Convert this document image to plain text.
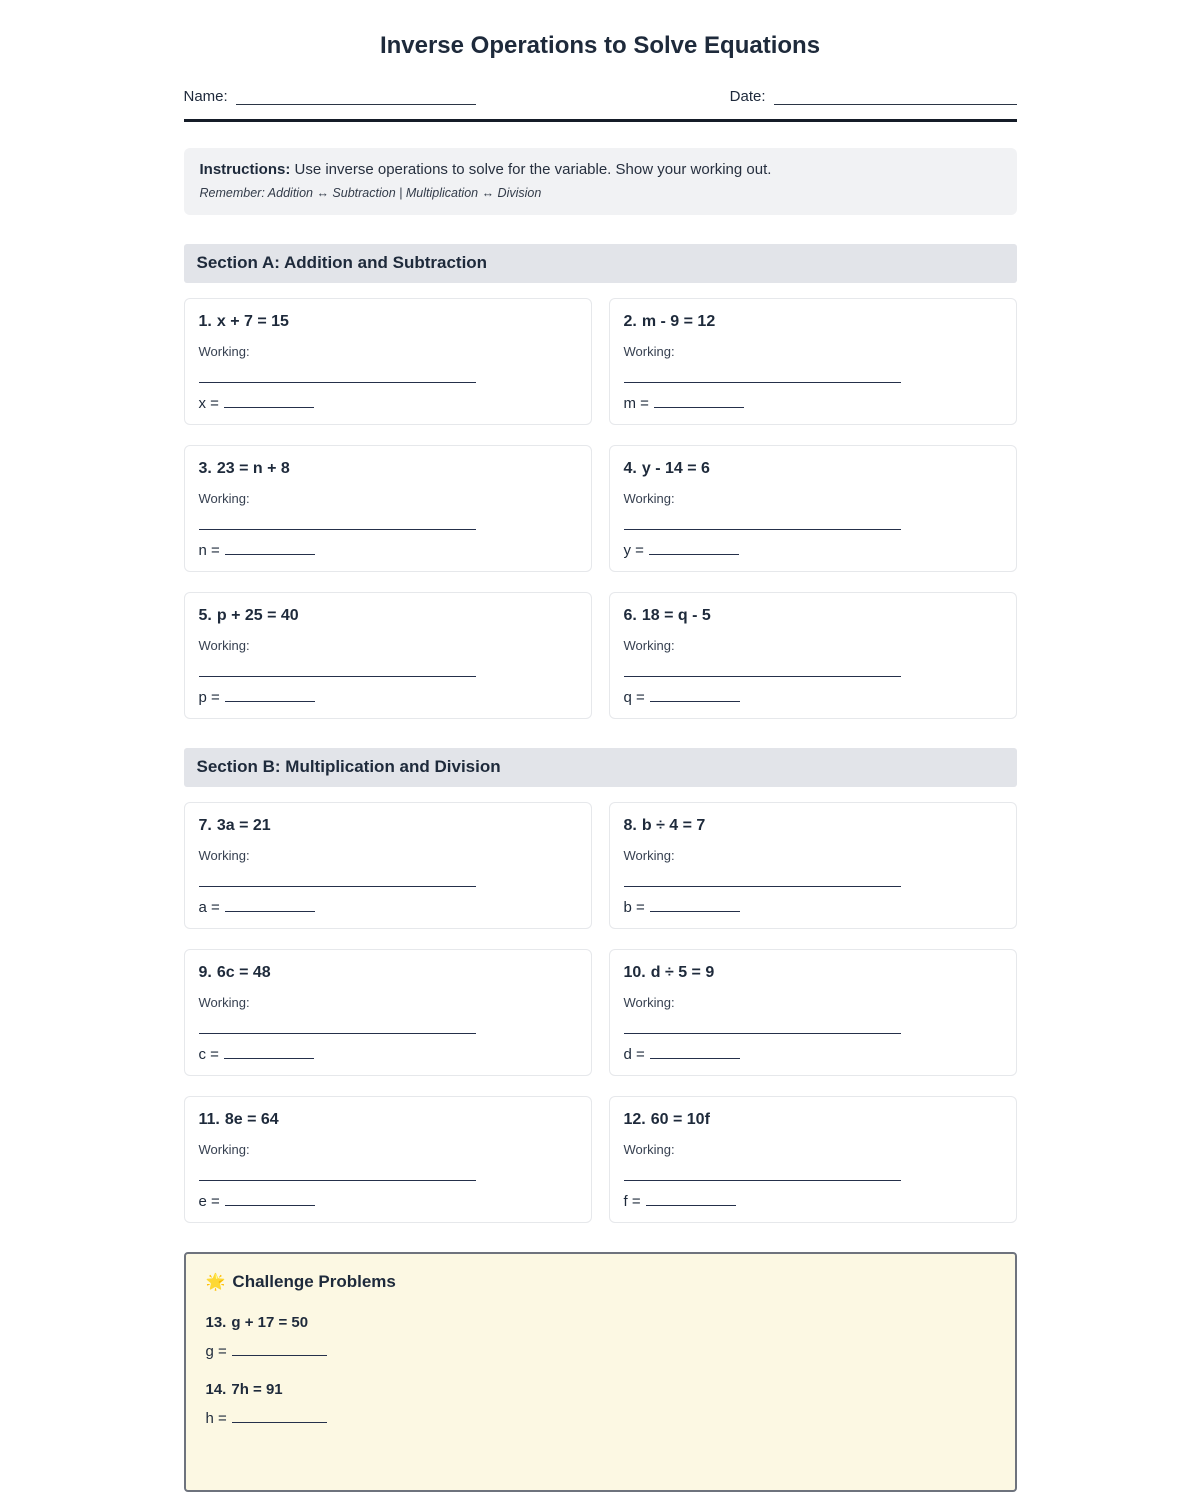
Inverse Operations to Solve Equations
Name:	Date:

Instructions: Use inverse operations to solve for the variable. Show your working out.

Remember: Addition ↔ Subtraction | Multiplication ↔ Division

Section A: Addition and Subtraction
1. x + 7 = 15
Working:
x =
2. m - 9 = 12
Working:
m =
3. 23 = n + 8
Working:
n =
4. y - 14 = 6
Working:
y =
5. p + 25 = 40
Working:
p =
6. 18 = q - 5
Working:
q =
Section B: Multiplication and Division
7. 3a = 21
Working:
a =
8. b ÷ 4 = 7
Working:
b =
9. 6c = 48
Working:
c =
10. d ÷ 5 = 9
Working:
d =
11. 8e = 64
Working:
e =
12. 60 = 10f
Working:
f =
🌟 Challenge Problems
13. g + 17 = 50
g =
14. 7h = 91
h =
